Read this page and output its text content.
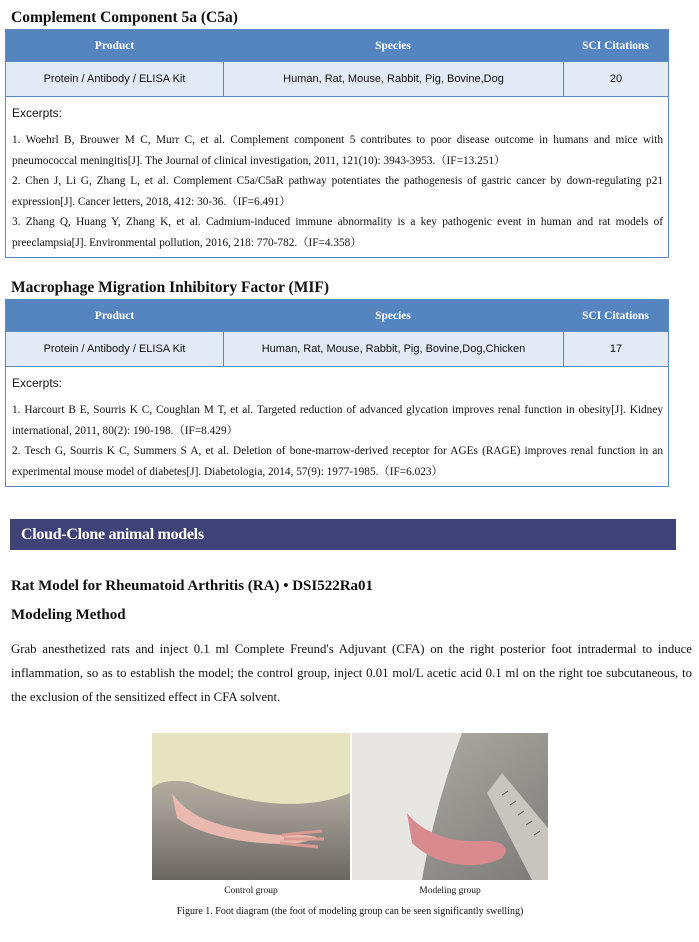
Complement Component 5a (C5a)
Product	Species	SCI Citations
Protein / Antibody / ELISA Kit	Human, Rat, Mouse, Rabbit, Pig, Bovine,Dog	20

Excerpts:

1. Woehrl B, Brouwer M C, Murr C, et al. Complement component 5 contributes to poor disease outcome in humans and mice with pneumococcal meningitis[J]. The Journal of clinical investigation, 2011, 121(10): 3943-3953.（IF=13.251）

2. Chen J, Li G, Zhang L, et al. Complement C5a/C5aR pathway potentiates the pathogenesis of gastric cancer by down-regulating p21 expression[J]. Cancer letters, 2018, 412: 30-36.（IF=6.491）

3. Zhang Q, Huang Y, Zhang K, et al. Cadmium-induced immune abnormality is a key pathogenic event in human and rat models of preeclampsia[J]. Environmental pollution, 2016, 218: 770-782.（IF=4.358）

Macrophage Migration Inhibitory Factor (MIF)
Product	Species	SCI Citations
Protein / Antibody / ELISA Kit	Human, Rat, Mouse, Rabbit, Pig, Bovine,Dog,Chicken	17

Excerpts:

1. Harcourt B E, Sourris K C, Coughlan M T, et al. Targeted reduction of advanced glycation improves renal function in obesity[J]. Kidney international, 2011, 80(2): 190-198.（IF=8.429）

2. Tesch G, Sourris K C, Summers S A, et al. Deletion of bone-marrow-derived receptor for AGEs (RAGE) improves renal function in an experimental mouse model of diabetes[J]. Diabetologia, 2014, 57(9): 1977-1985.（IF=6.023）

Cloud-Clone animal models
Rat Model for Rheumatoid Arthritis (RA) • DSI522Ra01
Modeling Method

Grab anesthetized rats and inject 0.1 ml Complete Freund's Adjuvant (CFA) on the right posterior foot intradermal to induce inflammation, so as to establish the model; the control group, inject 0.01 mol/L acetic acid 0.1 ml on the right toe subcutaneous, to the exclusion of the sensitized effect in CFA solvent.

Control group	Modeling group

Figure 1. Foot diagram (the foot of modeling group can be seen significantly swelling)
